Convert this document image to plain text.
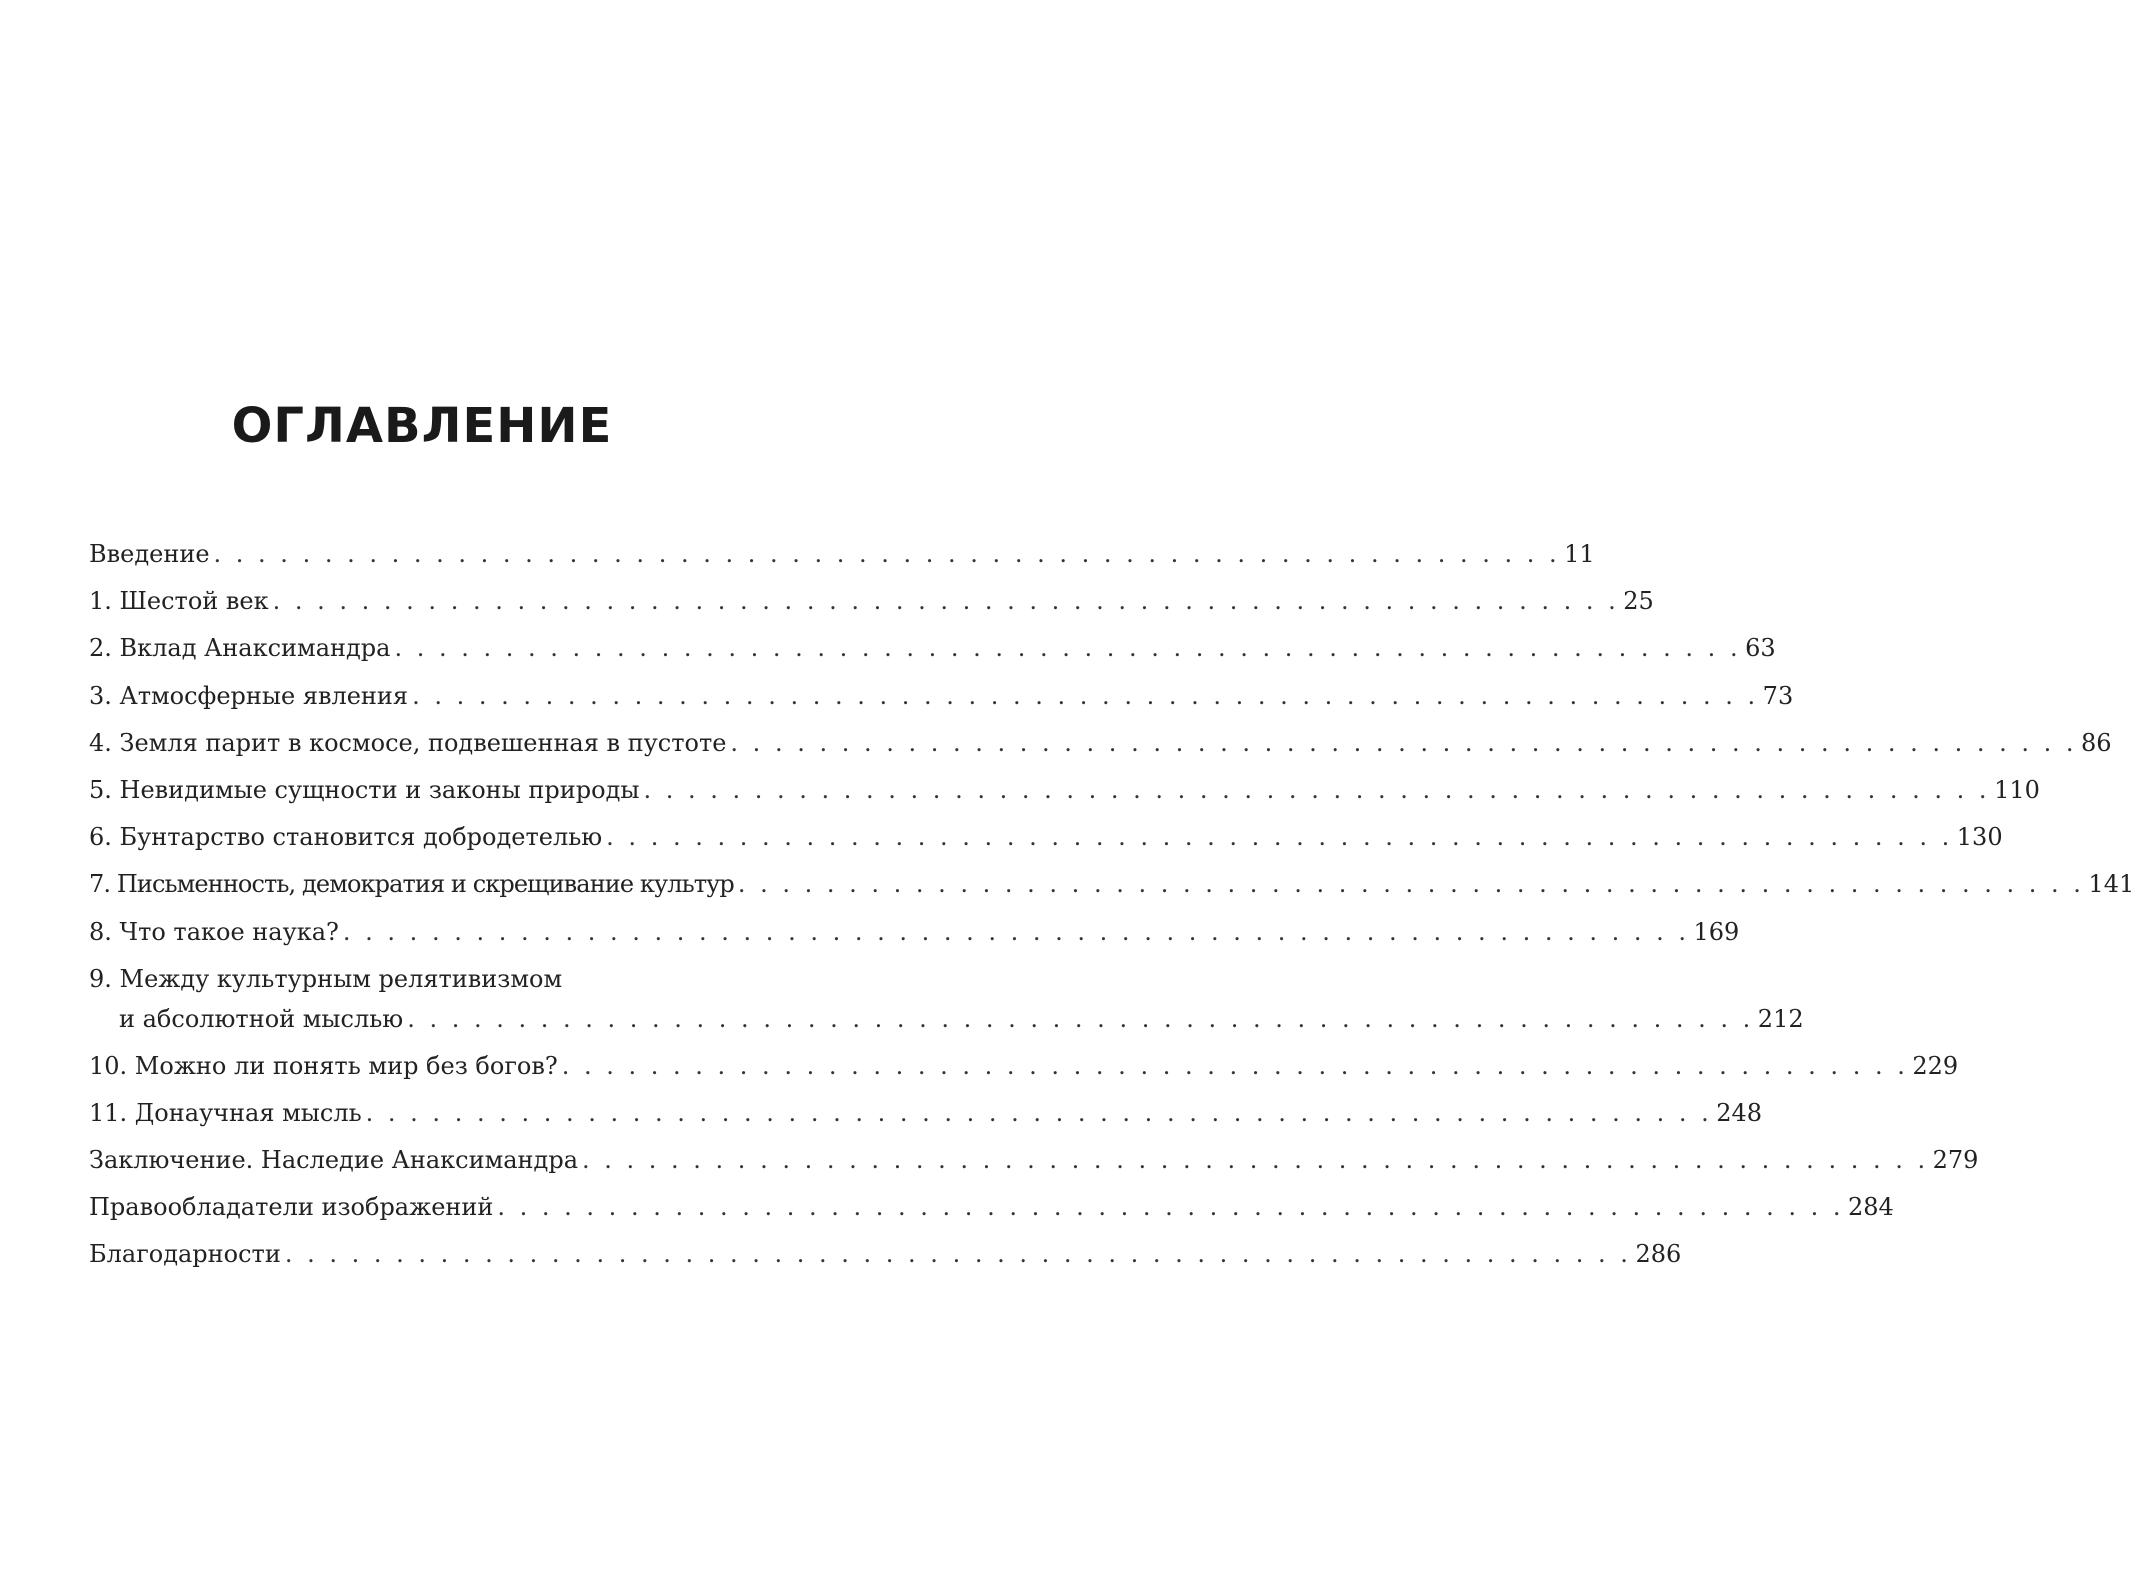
ОГЛАВЛЕНИЕ
Введение . . . . . . . . . . . . . . . . . . . . . . . . . . . . . . . . . . . . . . . . . . . . . . . . . . . . . . . . . . . . . 11
1. Шестой век . . . . . . . . . . . . . . . . . . . . . . . . . . . . . . . . . . . . . . . . . . . . . . . . . . . . . . . . . . . . . 25
2. Вклад Анаксимандра . . . . . . . . . . . . . . . . . . . . . . . . . . . . . . . . . . . . . . . . . . . . . . . . . . . . . . . . . . . . . 63
3. Атмосферные явления . . . . . . . . . . . . . . . . . . . . . . . . . . . . . . . . . . . . . . . . . . . . . . . . . . . . . . . . . . . . . 73
4. Земля парит в космосе, подвешенная в пустоте . . . . . . . . . . . . . . . . . . . . . . . . . . . . . . . . . . . . . . . . . . . . . . . . . . . . . . . . . . . . . 86
5. Невидимые сущности и законы природы . . . . . . . . . . . . . . . . . . . . . . . . . . . . . . . . . . . . . . . . . . . . . . . . . . . . . . . . . . . . . 110
6. Бунтарство становится добродетелью . . . . . . . . . . . . . . . . . . . . . . . . . . . . . . . . . . . . . . . . . . . . . . . . . . . . . . . . . . . . . 130
7. Письменность, демократия и скрещивание культур . . . . . . . . . . . . . . . . . . . . . . . . . . . . . . . . . . . . . . . . . . . . . . . . . . . . . . . . . . . . . 141
8. Что такое наука? . . . . . . . . . . . . . . . . . . . . . . . . . . . . . . . . . . . . . . . . . . . . . . . . . . . . . . . . . . . . . 169
9. Между культурным релятивизмом
и абсолютной мыслью . . . . . . . . . . . . . . . . . . . . . . . . . . . . . . . . . . . . . . . . . . . . . . . . . . . . . . . . . . . . . 212
10. Можно ли понять мир без богов? . . . . . . . . . . . . . . . . . . . . . . . . . . . . . . . . . . . . . . . . . . . . . . . . . . . . . . . . . . . . . 229
11. Донаучная мысль . . . . . . . . . . . . . . . . . . . . . . . . . . . . . . . . . . . . . . . . . . . . . . . . . . . . . . . . . . . . . 248
Заключение. Наследие Анаксимандра . . . . . . . . . . . . . . . . . . . . . . . . . . . . . . . . . . . . . . . . . . . . . . . . . . . . . . . . . . . . . 279
Правообладатели изображений . . . . . . . . . . . . . . . . . . . . . . . . . . . . . . . . . . . . . . . . . . . . . . . . . . . . . . . . . . . . . 284
Благодарности . . . . . . . . . . . . . . . . . . . . . . . . . . . . . . . . . . . . . . . . . . . . . . . . . . . . . . . . . . . . . 286
